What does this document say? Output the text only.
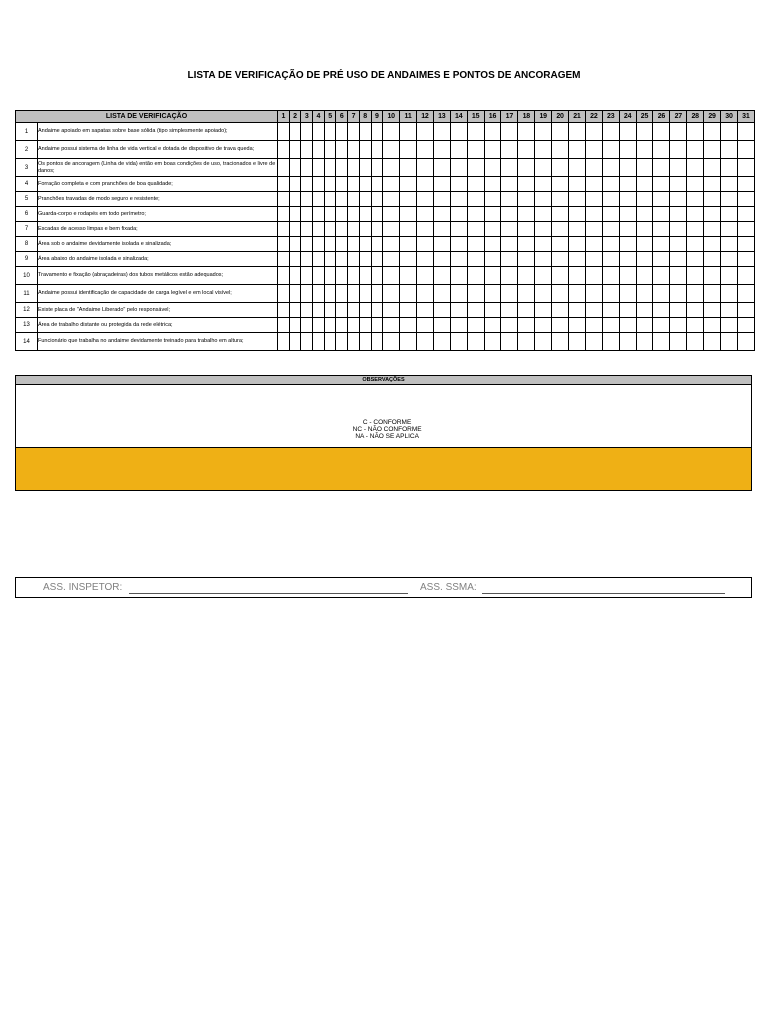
LISTA DE VERIFICAÇÃO DE PRÉ USO DE ANDAIMES E PONTOS DE ANCORAGEM
LISTA DE VERIFICAÇÃO		1	2	3	4	5	6	7	8	9	10	11	12	13	14	15	16	17	18	19	20	21	22	23	24	25	26	27	28	29	30	31
1	Andaime apoiado em sapatas sobre base sólida (tipo simplesmente apoiado);																															
2	Andaime possui sistema de linha de vida vertical e dotada de dispositivo de trava queda;																															
3	Os pontos de ancoragem (Linha de vida) então em boas condições de uso, tracionados e livre de danos;																															
4	Forração completa e com pranchões de boa qualidade;																															
5	Pranchões travadas de modo seguro e resistente;																															
6	Guarda-corpo e rodapés em todo perímetro;																															
7	Escadas de acesso limpas e bem fixada;																															
8	Área sob o andaime devidamente isolada e sinalizada;																															
9	Área abaixo do andaime isolada e sinalizada;																															
10	Travamento e fixação (abraçadeiras) dos tubos metálicos estão adequados;																															
11	Andaime possui identificação de capacidade de carga legível e em local visível;																															
12	Existe placa de "Andaime Liberado" pelo responsável;																															
13	Área de trabalho distante ou protegida da rede elétrica;																															
14	Funcionário que trabalha no andaime devidamente treinado para trabalho em altura;																															
OBSERVAÇÕES

C - CONFORME
NC - NÃO CONFORME
NA - NÃO SE APLICA

ASS. INSPETOR:	ASS. SSMA:
